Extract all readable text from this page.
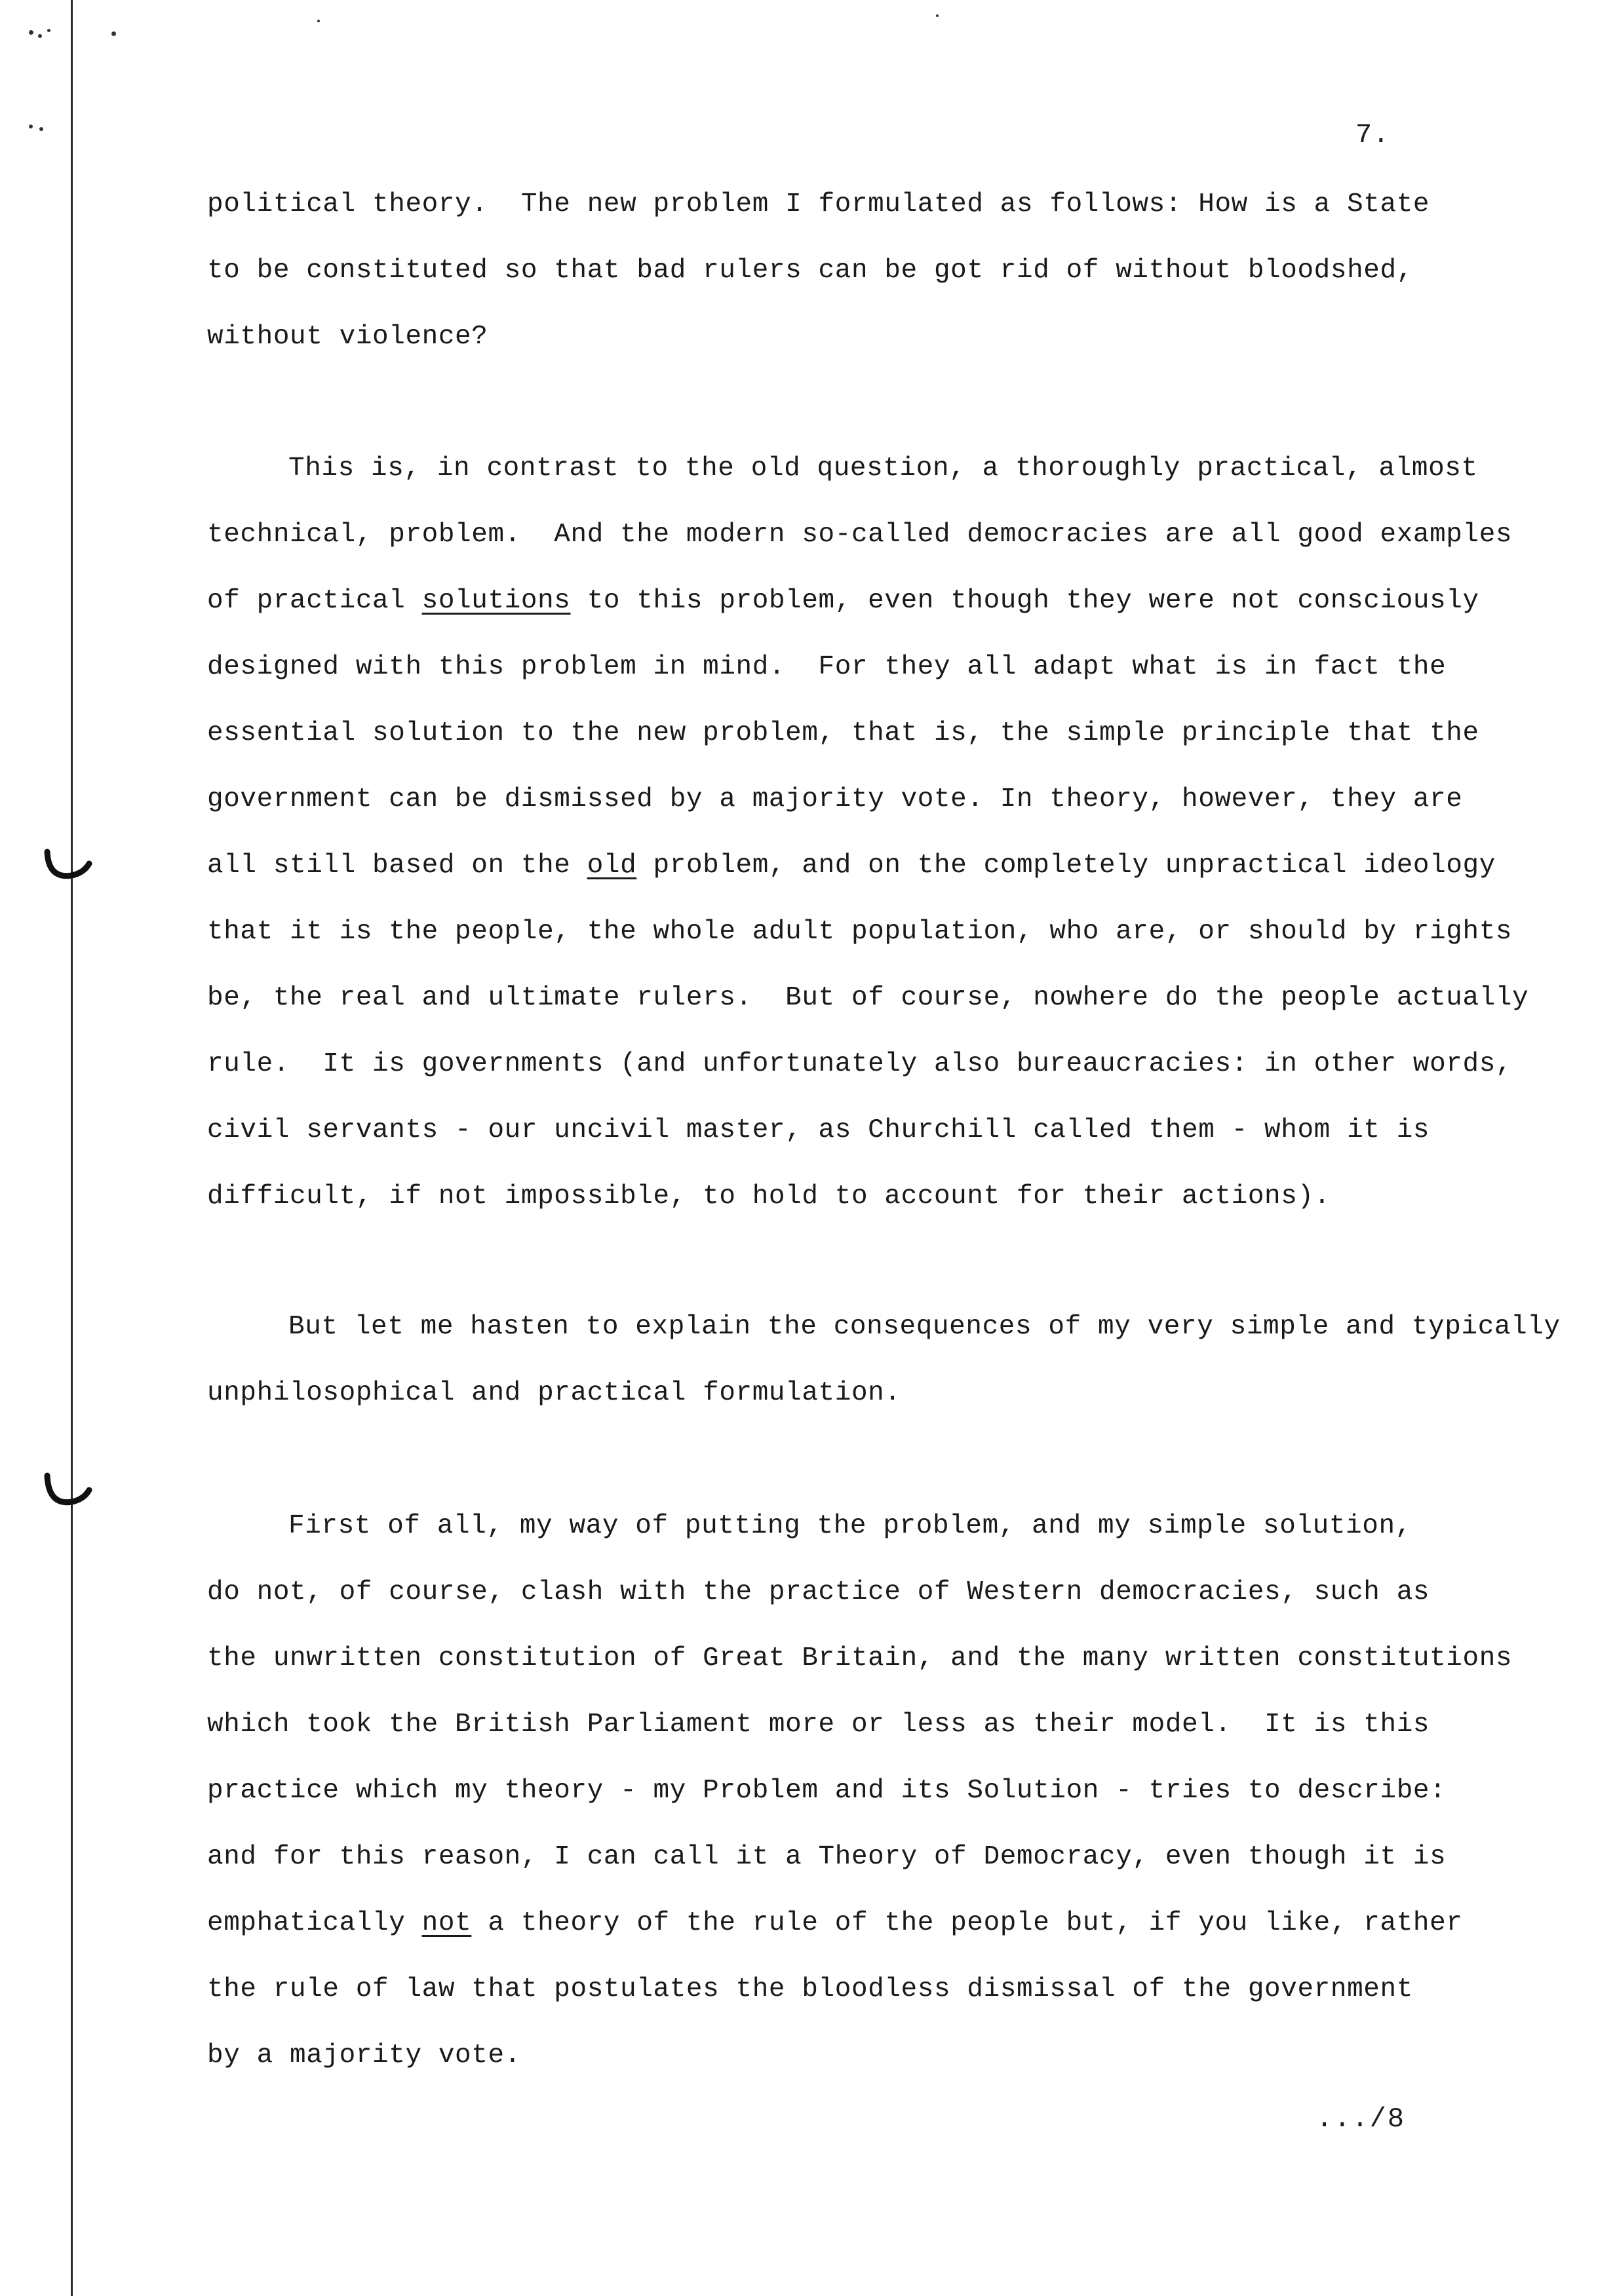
7.

political theory.  The new problem I formulated as follows: How is a State
to be constituted so that bad rulers can be got rid of without bloodshed,
without violence?
This is, in contrast to the old question, a thoroughly practical, almost
technical, problem.  And the modern so-called democracies are all good examples
of practical solutions to this problem, even though they were not consciously
designed with this problem in mind.  For they all adapt what is in fact the
essential solution to the new problem, that is, the simple principle that the
government can be dismissed by a majority vote. In theory, however, they are
all still based on the old problem, and on the completely unpractical ideology
that it is the people, the whole adult population, who are, or should by rights
be, the real and ultimate rulers.  But of course, nowhere do the people actually
rule.  It is governments (and unfortunately also bureaucracies: in other words,
civil servants - our uncivil master, as Churchill called them - whom it is
difficult, if not impossible, to hold to account for their actions).
But let me hasten to explain the consequences of my very simple and typically
unphilosophical and practical formulation.
First of all, my way of putting the problem, and my simple solution,
do not, of course, clash with the practice of Western democracies, such as
the unwritten constitution of Great Britain, and the many written constitutions
which took the British Parliament more or less as their model.  It is this
practice which my theory - my Problem and its Solution - tries to describe:
and for this reason, I can call it a Theory of Democracy, even though it is
emphatically not a theory of the rule of the people but, if you like, rather
the rule of law that postulates the bloodless dismissal of the government
by a majority vote.

.../8
